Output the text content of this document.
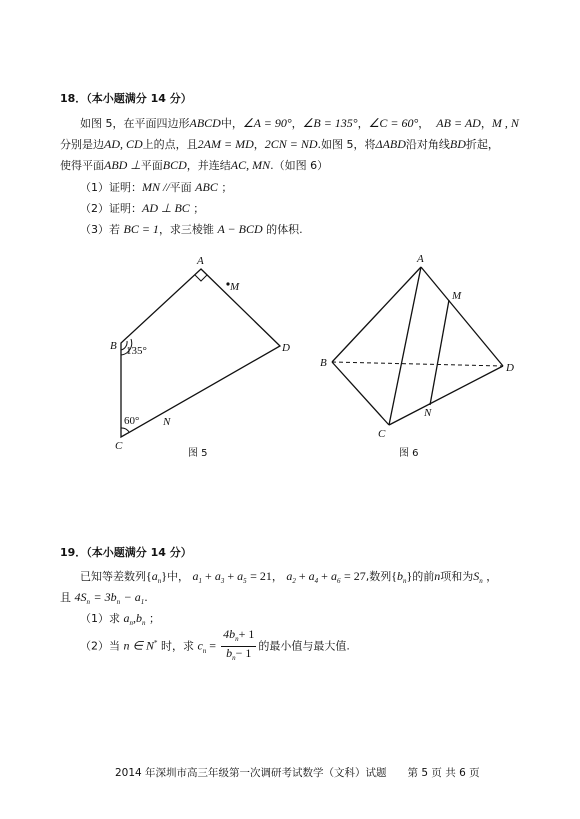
18．（本小题满分 14 分）
如图 5，在平面四边形ABCD中，∠A = 90°，∠B = 135°，∠C = 60°， AB = AD，M , N
分别是边AD, CD上的点，且2AM = MD，2CN = ND.如图 5，将ΔABD沿对角线BD折起，
使得平面ABD ⊥平面BCD，并连结AC, MN.（如图 6）
（1）证明：MN //平面 ABC ；
（2）证明：AD ⊥ BC ；
（3）若 BC = 1，求三棱锥 A − BCD 的体积.
A
B
C
D
M
N
135°
60°
图 5
A
B
C
D
M
N
图 6
19．（本小题满分 14 分）
已知等差数列$\{a_n\}$中， $a_1 + a_3 + a_5 = 21$， $a_2 + a_4 + a_6 = 27$,数列$\{b_n\}$的前n项和为$S_n$ ，
且 $4S_n = 3b_n - a_1$.
（1）求 $a_n,b_n$ ；
（2）当 n ∈ N* 时，求 $c_n = \frac{4b_n+ 1}{b_n- 1}$ 的最小值与最大值.
2014 年深圳市高三年级第一次调研考试数学（文科）试题　　第 5 页 共 6 页
